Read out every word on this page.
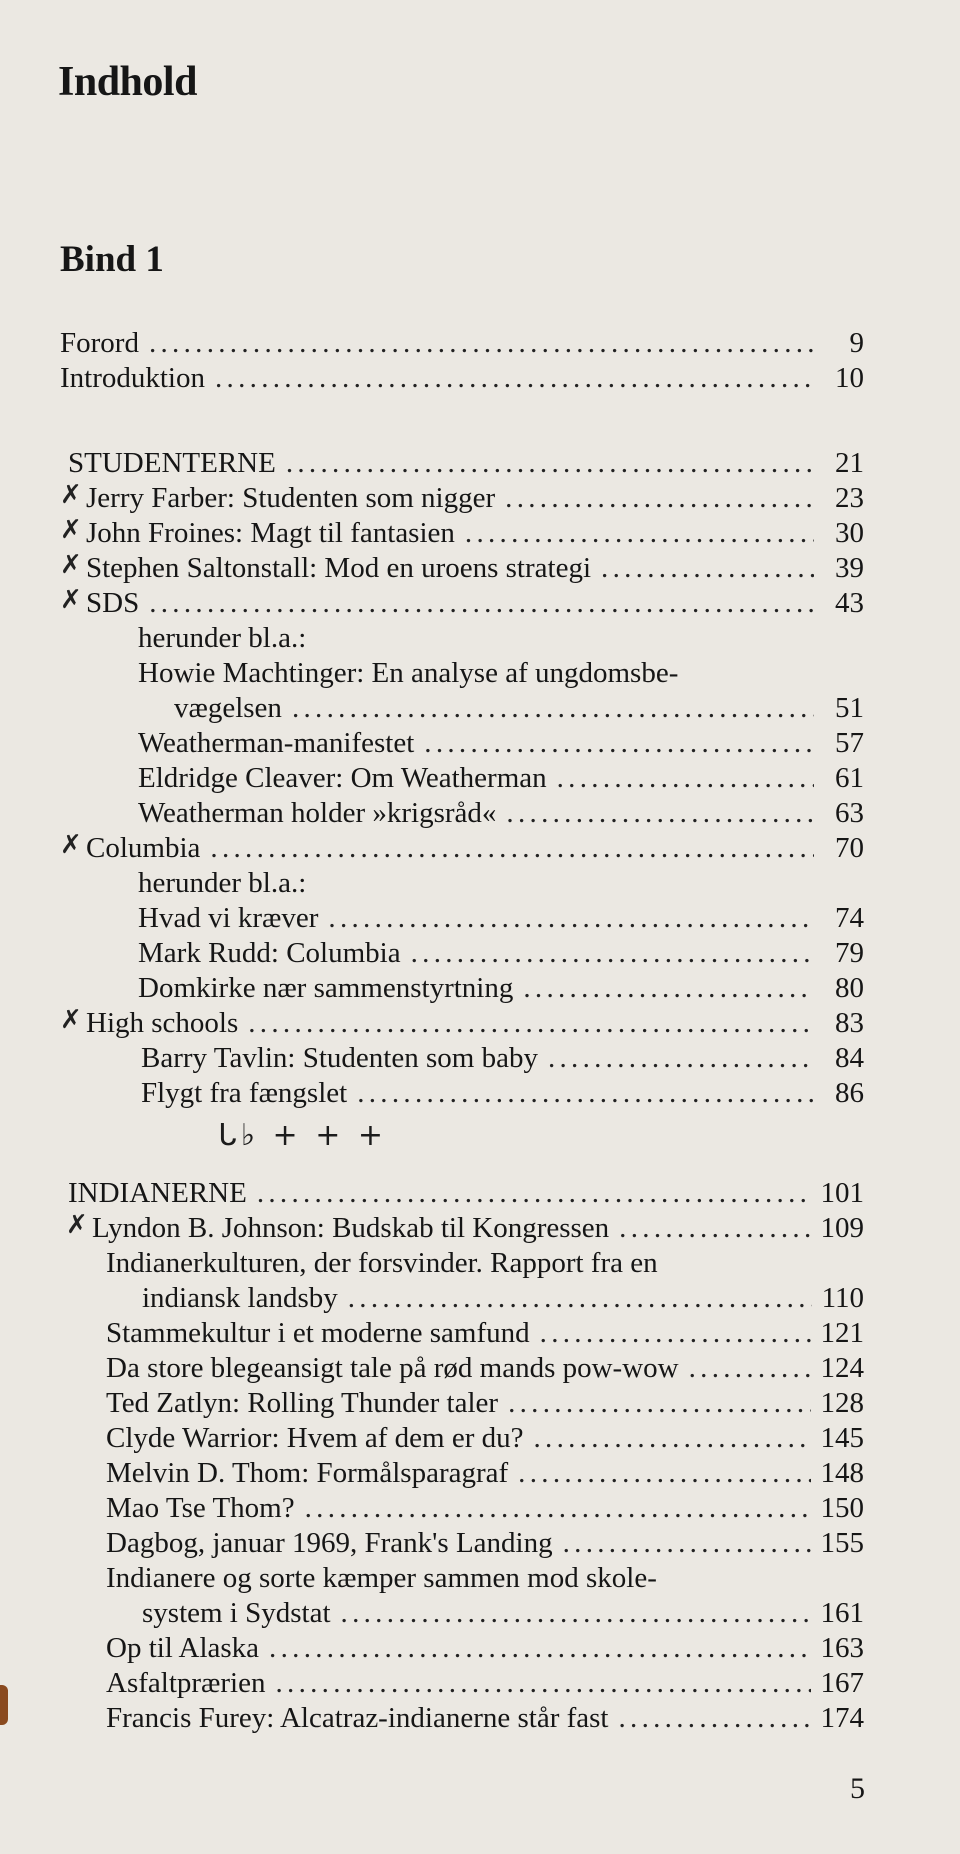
Indhold
Bind 1
Forord .....	9
Introduktion .....	10
STUDENTERNE .....	21
✗ Jerry Farber: Studenten som nigger .....	23
✗ John Froines: Magt til fantasien .....	30
✗ Stephen Saltonstall: Mod en uroens strategi .....	39
✗ SDS .....	43
herunder bl.a.:
Howie Machtinger: En analyse af ungdomsbe-
vægelsen .....	51
Weatherman-manifestet .....	57
Eldridge Cleaver: Om Weatherman .....	61
Weatherman holder »krigsråd« .....	63
✗ Columbia .....	70
herunder bl.a.:
Hvad vi kræver .....	74
Mark Rudd: Columbia .....	79
Domkirke nær sammenstyrtning .....	80
✗ High schools .....	83
Barry Tavlin: Studenten som baby .....	84
Flygt fra fængslet .....	86
INDIANERNE .....	101
✗ Lyndon B. Johnson: Budskab til Kongressen .....	109
Indianerkulturen, der forsvinder. Rapport fra en
indiansk landsby .....	110
Stammekultur i et moderne samfund .....	121
Da store blegeansigt tale på rød mands pow-wow .....	124
Ted Zatlyn: Rolling Thunder taler .....	128
Clyde Warrior: Hvem af dem er du? .....	145
Melvin D. Thom: Formålsparagraf .....	148
Mao Tse Thom? .....	150
Dagbog, januar 1969, Frank's Landing .....	155
Indianere og sorte kæmper sammen mod skole-
system i Sydstat .....	161
Op til Alaska .....	163
Asfaltprærien .....	167
Francis Furey: Alcatraz-indianerne står fast .....	174
ᒐ♭ + + +
5
